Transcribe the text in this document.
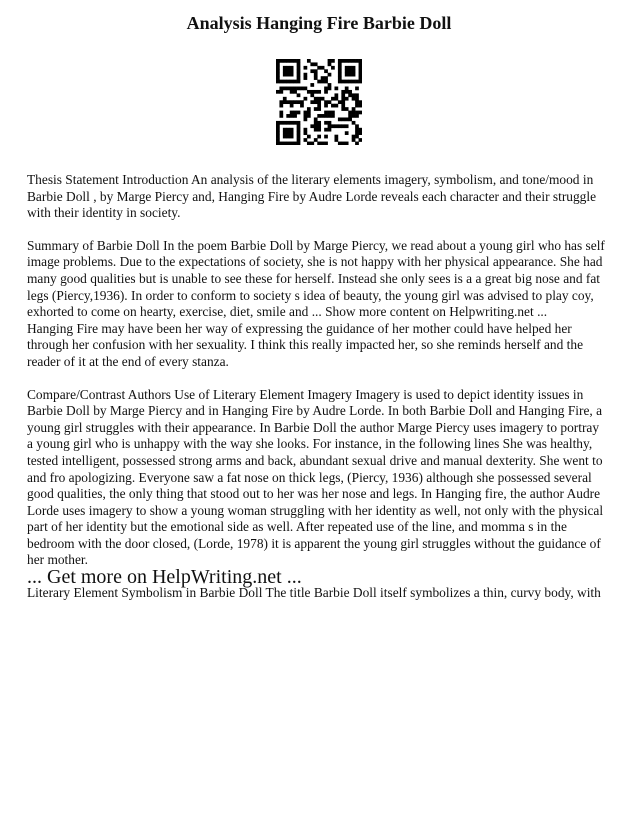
Analysis Hanging Fire Barbie Doll

Thesis Statement Introduction An analysis of the literary elements imagery, symbolism, and tone/mood in Barbie Doll , by Marge Piercy and, Hanging Fire by Audre Lorde reveals each character and their struggle with their identity in society.

Summary of Barbie Doll In the poem Barbie Doll by Marge Piercy, we read about a young girl who has self image problems. Due to the expectations of society, she is not happy with her physical appearance. She had many good qualities but is unable to see these for herself. Instead she only sees is a a great big nose and fat legs (Piercy,1936). In order to conform to society s idea of beauty, the young girl was advised to play coy, exhorted to come on hearty, exercise, diet, smile and ... Show more content on Helpwriting.net ...

Hanging Fire may have been her way of expressing the guidance of her mother could have helped her through her confusion with her sexuality. I think this really impacted her, so she reminds herself and the reader of it at the end of every stanza.

Compare/Contrast Authors Use of Literary Element Imagery Imagery is used to depict identity issues in Barbie Doll by Marge Piercy and in Hanging Fire by Audre Lorde. In both Barbie Doll and Hanging Fire, a young girl struggles with their appearance. In Barbie Doll the author Marge Piercy uses imagery to portray a young girl who is unhappy with the way she looks. For instance, in the following lines She was healthy, tested intelligent, possessed strong arms and back, abundant sexual drive and manual dexterity. She went to and fro apologizing. Everyone saw a fat nose on thick legs, (Piercy, 1936) although she possessed several good qualities, the only thing that stood out to her was her nose and legs. In Hanging fire, the author Audre Lorde uses imagery to show a young woman struggling with her identity as well, not only with the physical part of her identity but the emotional side as well. After repeated use of the line, and momma s in the bedroom with the door closed, (Lorde, 1978) it is apparent the young girl struggles without the guidance of her mother.

Literary Element Symbolism in Barbie Doll The title Barbie Doll itself symbolizes a thin, curvy body, with

... Get more on HelpWriting.net ...
